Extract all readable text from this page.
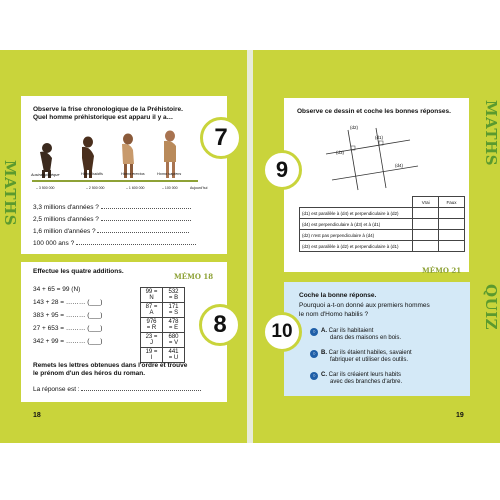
MATHS
Observe la frise chronologique de la Préhistoire.
Quel homme préhistorique est apparu il y a…
7
Australopithèque	Homo habilis	Homo erectus	Homo sapiens
– 3 500 000	– 2 500 000	– 1 600 000	– 100 000	Aujourd'hui
3,3 millions d'années ?
2,5 millions d'années ?
1,6 million d'années ?
100 000 ans ?
Effectue les quatre additions.
MÉMO 18
34 + 65 = 99 (N)
143 + 28 = ……… (___)
383 + 95 = ……… (___)
27 + 653 = ……… (___)
342 + 99 = ……… (___)
99 = N	532 = B
87 = A	171 = S
976 = R	478 = E
23 = J	680 = V
19 = I	441 = U
8
Remets les lettres obtenues dans l'ordre et trouve
le prénom d'un des héros du roman.
La réponse est :
18
MATHS
QUIZ
Observe ce dessin et coche les bonnes réponses.
9
(d2)
(d1)
(d3)
(d4)
	Vrai	Faux
(d1) est parallèle à (d4) et perpendiculaire à (d2)		
(d4) est perpendiculaire à (d3) et à (d1)		
(d2) n'est pas perpendiculaire à (d4)		
(d3) est parallèle à (d2) et perpendiculaire à (d1)		
MÉMO 21
Coche la bonne réponse.
Pourquoi a-t-on donné aux premiers hommes
le nom d'Homo habilis ?
10	○ A. Car ils habitaient
dans des maisons en bois.
○ B. Car ils étaient habiles, savaient
fabriquer et utiliser des outils.
○ C. Car ils créaient leurs habits
avec des branches d'arbre.
19
